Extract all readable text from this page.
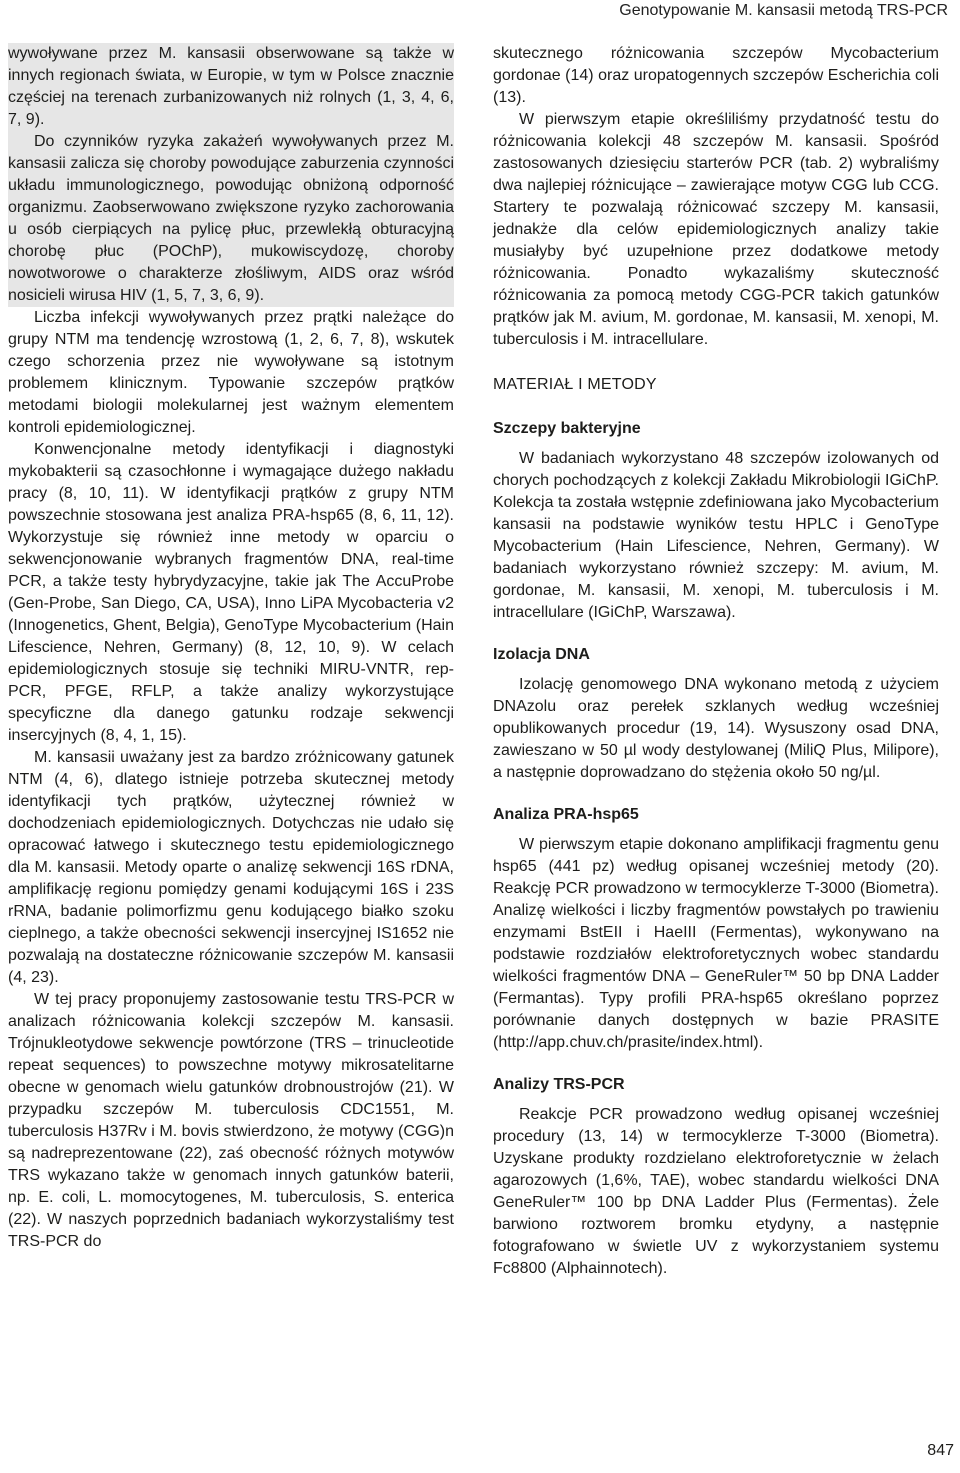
Genotypowanie M. kansasii metodą TRS-PCR

wywoływane przez M. kansasii obserwowane są także w innych regionach świata, w Europie, w tym w Polsce znacznie częściej na terenach zurbanizowanych niż rolnych (1, 3, 4, 6, 7, 9).

Do czynników ryzyka zakażeń wywoływanych przez M. kansasii zalicza się choroby powodujące zaburzenia czynności układu immunologicznego, powodując obniżoną odporność organizmu. Zaobserwowano zwiększone ryzyko zachorowania u osób cierpiących na pylicę płuc, przewlekłą obturacyjną chorobę płuc (POChP), mukowiscydozę, choroby nowotworowe o charakterze złośliwym, AIDS oraz wśród nosicieli wirusa HIV (1, 5, 7, 3, 6, 9).

Liczba infekcji wywoływanych przez prątki należące do grupy NTM ma tendencję wzrostową (1, 2, 6, 7, 8), wskutek czego schorzenia przez nie wywoływane są istotnym problemem klinicznym. Typowanie szczepów prątków metodami biologii molekularnej jest ważnym elementem kontroli epidemiologicznej.

Konwencjonalne metody identyfikacji i diagnostyki mykobakterii są czasochłonne i wymagające dużego nakładu pracy (8, 10, 11). W identyfikacji prątków z grupy NTM powszechnie stosowana jest analiza PRA-hsp65 (8, 6, 11, 12). Wykorzystuje się również inne metody w oparciu o sekwencjonowanie wybranych fragmentów DNA, real-time PCR, a także testy hybrydyzacyjne, takie jak The AccuProbe (Gen-Probe, San Diego, CA, USA), Inno LiPA Mycobacteria v2 (Innogenetics, Ghent, Belgia), GenoType Mycobacterium (Hain Lifescience, Nehren, Germany) (8, 12, 10, 9). W celach epidemiologicznych stosuje się techniki MIRU-VNTR, rep-PCR, PFGE, RFLP, a także analizy wykorzystujące specyficzne dla danego gatunku rodzaje sekwencji insercyjnych (8, 4, 1, 15).

M. kansasii uważany jest za bardzo zróżnicowany gatunek NTM (4, 6), dlatego istnieje potrzeba skutecznej metody identyfikacji tych prątków, użytecznej również w dochodzeniach epidemiologicznych. Dotychczas nie udało się opracować łatwego i skutecznego testu epidemiologicznego dla M. kansasii. Metody oparte o analizę sekwencji 16S rDNA, amplifikację regionu pomiędzy genami kodującymi 16S i 23S rRNA, badanie polimorfizmu genu kodującego białko szoku cieplnego, a także obecności sekwencji insercyjnej IS1652 nie pozwalają na dostateczne różnicowanie szczepów M. kansasii (4, 23).

W tej pracy proponujemy zastosowanie testu TRS-PCR w analizach różnicowania kolekcji szczepów M. kansasii. Trójnukleotydowe sekwencje powtórzone (TRS – trinucleotide repeat sequences) to powszechne motywy mikrosatelitarne obecne w genomach wielu gatunków drobnoustrojów (21). W przypadku szczepów M. tuberculosis CDC1551, M. tuberculosis H37Rv i M. bovis stwierdzono, że motywy (CGG)n są nadreprezentowane (22), zaś obecność różnych motywów TRS wykazano także w genomach innych gatunków baterii, np. E. coli, L. momocytogenes, M. tuberculosis, S. enterica (22). W naszych poprzednich badaniach wykorzystaliśmy test TRS-PCR do

skutecznego różnicowania szczepów Mycobacterium gordonae (14) oraz uropatogennych szczepów Escherichia coli (13).

W pierwszym etapie określiliśmy przydatność testu do różnicowania kolekcji 48 szczepów M. kansasii. Spośród zastosowanych dziesięciu starterów PCR (tab. 2) wybraliśmy dwa najlepiej różnicujące – zawierające motyw CGG lub CCG. Startery te pozwalają różnicować szczepy M. kansasii, jednakże dla celów epidemiologicznych analizy takie musiałyby być uzupełnione przez dodatkowe metody różnicowania. Ponadto wykazaliśmy skuteczność różnicowania za pomocą metody CGG-PCR takich gatunków prątków jak M. avium, M. gordonae, M. kansasii, M. xenopi, M. tuberculosis i M. intracellulare.

MATERIAŁ I METODY
Szczepy bakteryjne

W badaniach wykorzystano 48 szczepów izolowanych od chorych pochodzących z kolekcji Zakładu Mikrobiologii IGiChP. Kolekcja ta została wstępnie zdefiniowana jako Mycobacterium kansasii na podstawie wyników testu HPLC i GenoType Mycobacterium (Hain Lifescience, Nehren, Germany). W badaniach wykorzystano również szczepy: M. avium, M. gordonae, M. kansasii, M. xenopi, M. tuberculosis i M. intracellulare (IGiChP, Warszawa).

Izolacja DNA

Izolację genomowego DNA wykonano metodą z użyciem DNAzolu oraz perełek szklanych według wcześniej opublikowanych procedur (19, 14). Wysuszony osad DNA, zawieszano w 50 µl wody destylowanej (MiliQ Plus, Milipore), a następnie doprowadzano do stężenia około 50 ng/µl.

Analiza PRA-hsp65

W pierwszym etapie dokonano amplifikacji fragmentu genu hsp65 (441 pz) według opisanej wcześniej metody (20). Reakcję PCR prowadzono w termocyklerze T-3000 (Biometra). Analizę wielkości i liczby fragmentów powstałych po trawieniu enzymami BstEII i HaeIII (Fermentas), wykonywano na podstawie rozdziałów elektroforetycznych wobec standardu wielkości fragmentów DNA – GeneRuler™ 50 bp DNA Ladder (Fermantas). Typy profili PRA-hsp65 określano poprzez porównanie danych dostępnych w bazie PRASITE (http://app.chuv.ch/prasite/index.html).

Analizy TRS-PCR

Reakcje PCR prowadzono według opisanej wcześniej procedury (13, 14) w termocyklerze T-3000 (Biometra). Uzyskane produkty rozdzielano elektroforetycznie w żelach agarozowych (1,6%, TAE), wobec standardu wielkości DNA GeneRuler™ 100 bp DNA Ladder Plus (Fermentas). Żele barwiono roztworem bromku etydyny, a następnie fotografowano w świetle UV z wykorzystaniem systemu Fc8800 (Alphainnotech).

847
